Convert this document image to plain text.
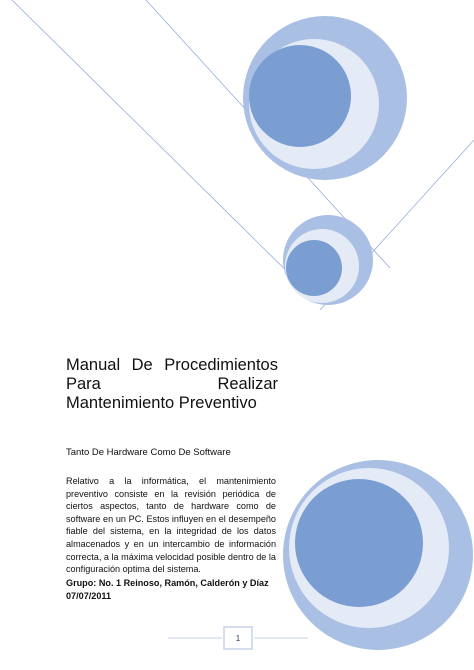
Manual De Procedimientos Para Realizar Mantenimiento Preventivo
Tanto De Hardware Como De Software
Relativo a la informática, el mantenimiento preventivo consiste en la revisión periódica de ciertos aspectos, tanto de hardware como de software en un PC. Estos influyen en el desempeño fiable del sistema, en la integridad de los datos almacenados y en un intercambio de información correcta, a la máxima velocidad posible dentro de la configuración optima del sistema.
Grupo: No. 1 Reinoso, Ramón, Calderón y Díaz
07/07/2011
1
